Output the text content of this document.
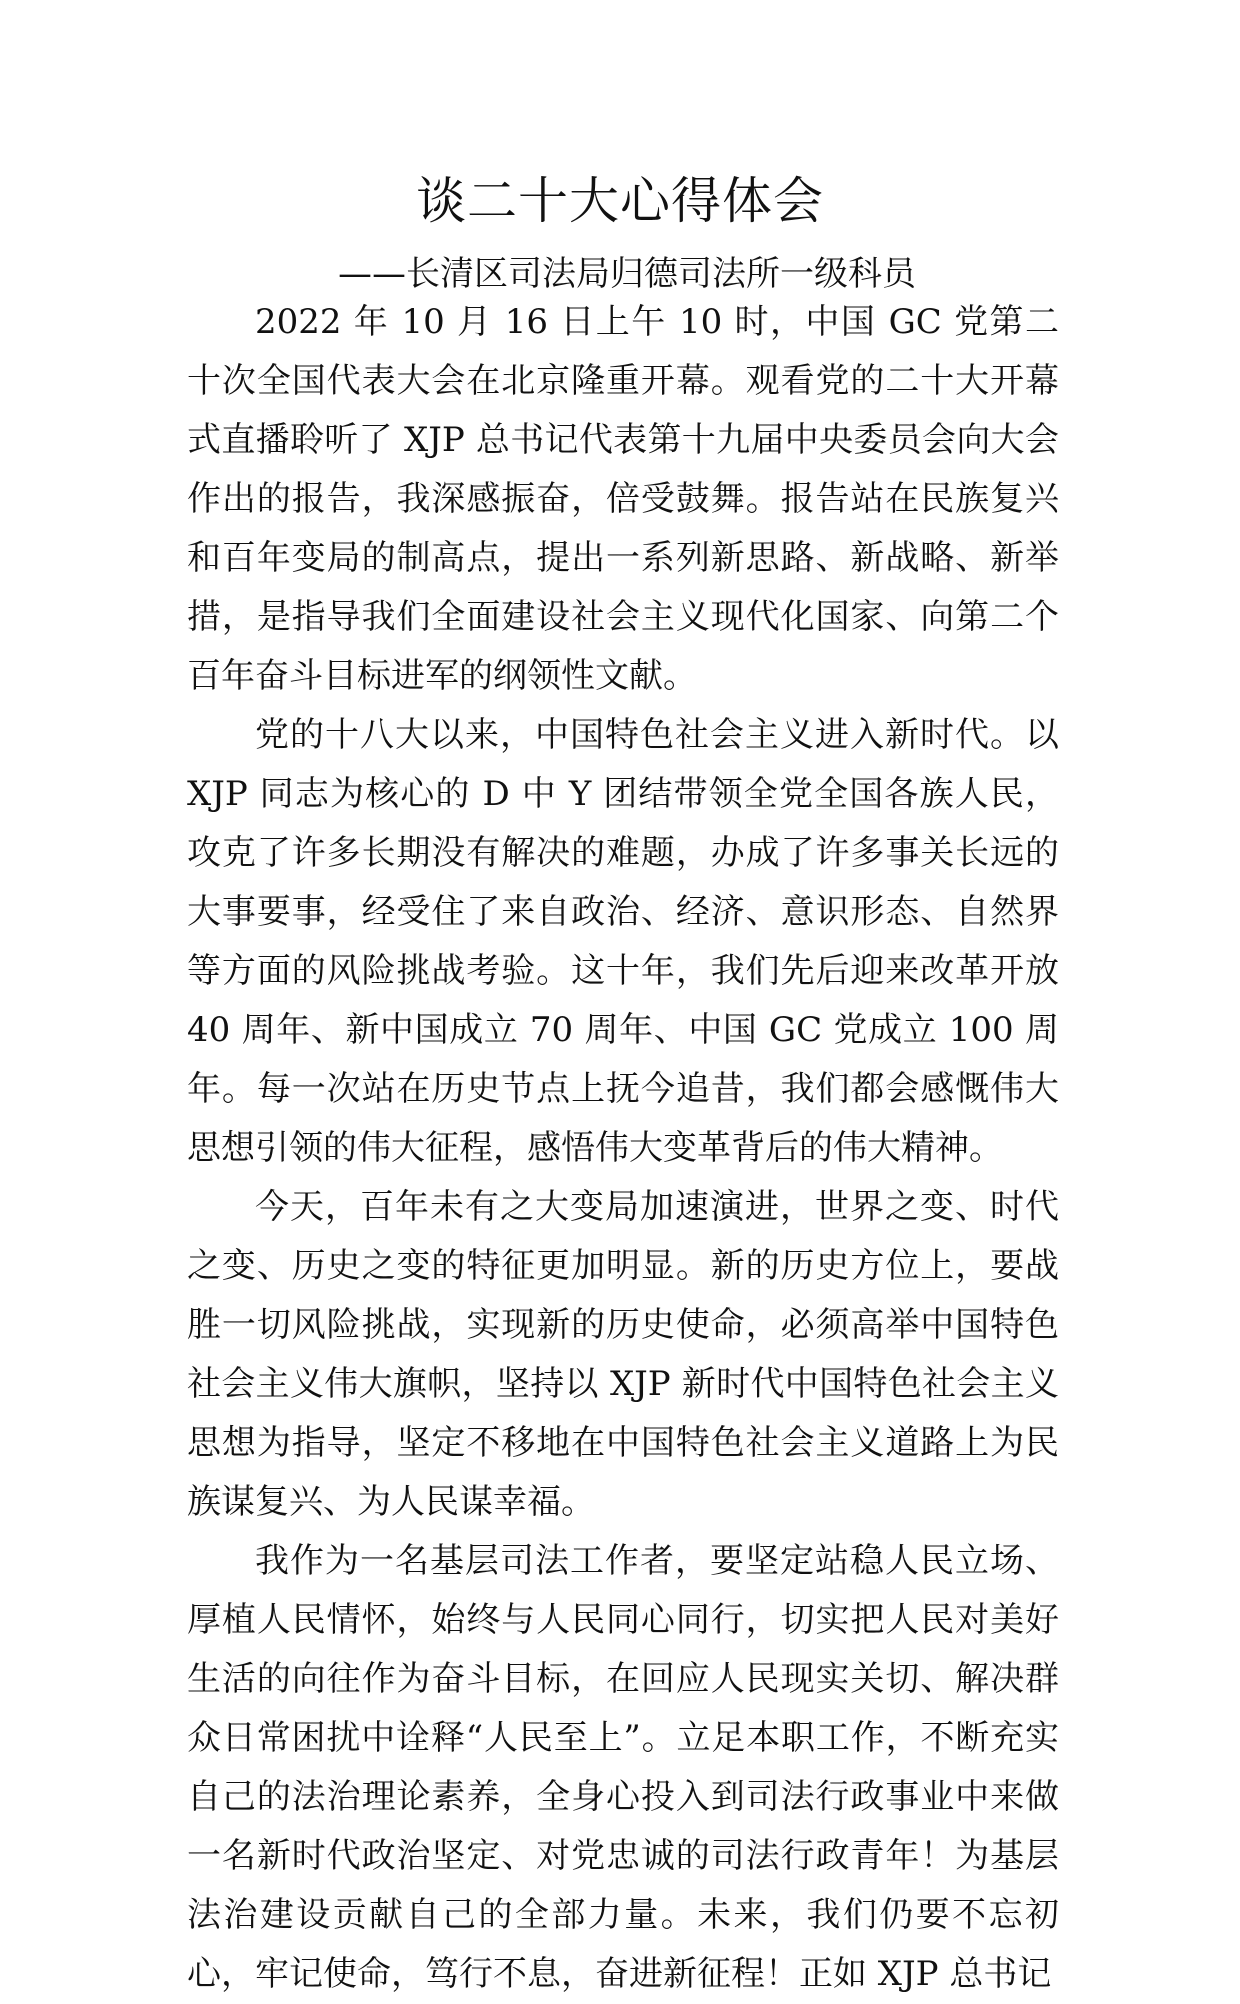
谈二十大心得体会
——长清区司法局归德司法所一级科员

2022 年 10 月 16 日上午 10 时，中国 GC 党第二十次全国代表大会在北京隆重开幕。观看党的二十大开幕式直播聆听了 XJP 总书记代表第十九届中央委员会向大会作出的报告，我深感振奋，倍受鼓舞。报告站在民族复兴和百年变局的制高点，提出一系列新思路、新战略、新举措，是指导我们全面建设社会主义现代化国家、向第二个百年奋斗目标进军的纲领性文献。

党的十八大以来，中国特色社会主义进入新时代。以 XJP 同志为核心的 D 中 Y 团结带领全党全国各族人民，攻克了许多长期没有解决的难题，办成了许多事关长远的大事要事，经受住了来自政治、经济、意识形态、自然界等方面的风险挑战考验。这十年，我们先后迎来改革开放 40 周年、新中国成立 70 周年、中国 GC 党成立 100 周年。每一次站在历史节点上抚今追昔，我们都会感慨伟大思想引领的伟大征程，感悟伟大变革背后的伟大精神。

今天，百年未有之大变局加速演进，世界之变、时代之变、历史之变的特征更加明显。新的历史方位上，要战胜一切风险挑战，实现新的历史使命，必须高举中国特色社会主义伟大旗帜，坚持以 XJP 新时代中国特色社会主义思想为指导，坚定不移地在中国特色社会主义道路上为民族谋复兴、为人民谋幸福。

我作为一名基层司法工作者，要坚定站稳人民立场、厚植人民情怀，始终与人民同心同行，切实把人民对美好生活的向往作为奋斗目标，在回应人民现实关切、解决群众日常困扰中诠释“人民至上”。立足本职工作，不断充实自己的法治理论素养，全身心投入到司法行政事业中来做一名新时代政治坚定、对党忠诚的司法行政青年！为基层法治建设贡献自己的全部力量。未来，我们仍要不忘初心，牢记使命，笃行不息，奋进新征程！正如 XJP 总书记
